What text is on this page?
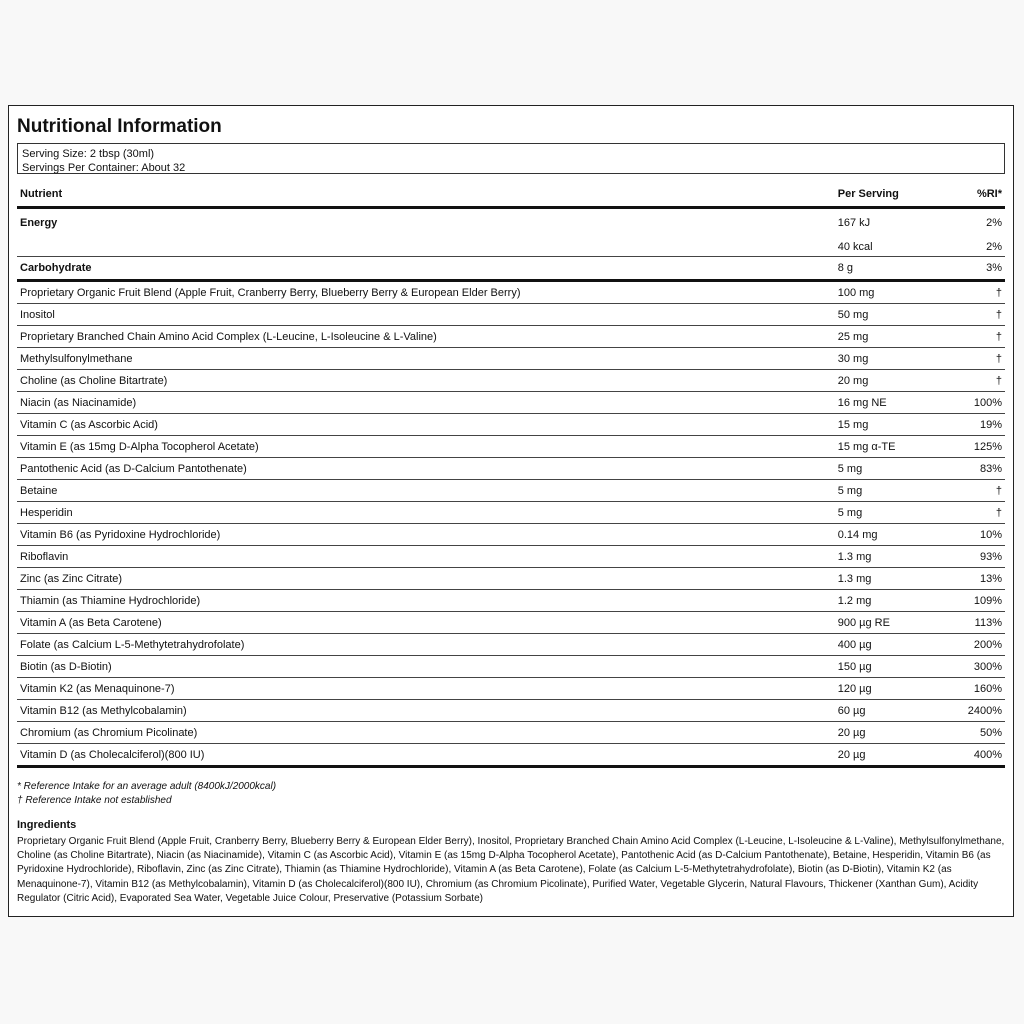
Nutritional Information
Serving Size: 2 tbsp (30ml)
Servings Per Container: About 32
Nutrient	Per Serving	%RI*
Energy	167 kJ	2%
	40 kcal	2%
Carbohydrate	8 g	3%
Proprietary Organic Fruit Blend (Apple Fruit, Cranberry Berry, Blueberry Berry & European Elder Berry)	100 mg	†
Inositol	50 mg	†
Proprietary Branched Chain Amino Acid Complex (L-Leucine, L-Isoleucine & L-Valine)	25 mg	†
Methylsulfonylmethane	30 mg	†
Choline (as Choline Bitartrate)	20 mg	†
Niacin (as Niacinamide)	16 mg NE	100%
Vitamin C (as Ascorbic Acid)	15 mg	19%
Vitamin E (as 15mg D-Alpha Tocopherol Acetate)	15 mg α-TE	125%
Pantothenic Acid (as D-Calcium Pantothenate)	5 mg	83%
Betaine	5 mg	†
Hesperidin	5 mg	†
Vitamin B6 (as Pyridoxine Hydrochloride)	0.14 mg	10%
Riboflavin	1.3 mg	93%
Zinc (as Zinc Citrate)	1.3 mg	13%
Thiamin (as Thiamine Hydrochloride)	1.2 mg	109%
Vitamin A (as Beta Carotene)	900 µg RE	113%
Folate (as Calcium L-5-Methytetrahydrofolate)	400 µg	200%
Biotin (as D-Biotin)	150 µg	300%
Vitamin K2 (as Menaquinone-7)	120 µg	160%
Vitamin B12 (as Methylcobalamin)	60 µg	2400%
Chromium (as Chromium Picolinate)	20 µg	50%
Vitamin D (as Cholecalciferol)(800 IU)	20 µg	400%
* Reference Intake for an average adult (8400kJ/2000kcal)
† Reference Intake not established
Ingredients
Proprietary Organic Fruit Blend (Apple Fruit, Cranberry Berry, Blueberry Berry & European Elder Berry), Inositol, Proprietary Branched Chain Amino Acid Complex (L-Leucine, L-Isoleucine & L-Valine), Methylsulfonylmethane, Choline (as Choline Bitartrate), Niacin (as Niacinamide), Vitamin C (as Ascorbic Acid), Vitamin E (as 15mg D-Alpha Tocopherol Acetate), Pantothenic Acid (as D-Calcium Pantothenate), Betaine, Hesperidin, Vitamin B6 (as Pyridoxine Hydrochloride), Riboflavin, Zinc (as Zinc Citrate), Thiamin (as Thiamine Hydrochloride), Vitamin A (as Beta Carotene), Folate (as Calcium L-5-Methytetrahydrofolate), Biotin (as D-Biotin), Vitamin K2 (as Menaquinone-7), Vitamin B12 (as Methylcobalamin), Vitamin D (as Cholecalciferol)(800 IU), Chromium (as Chromium Picolinate), Purified Water, Vegetable Glycerin, Natural Flavours, Thickener (Xanthan Gum), Acidity Regulator (Citric Acid), Evaporated Sea Water, Vegetable Juice Colour, Preservative (Potassium Sorbate)
